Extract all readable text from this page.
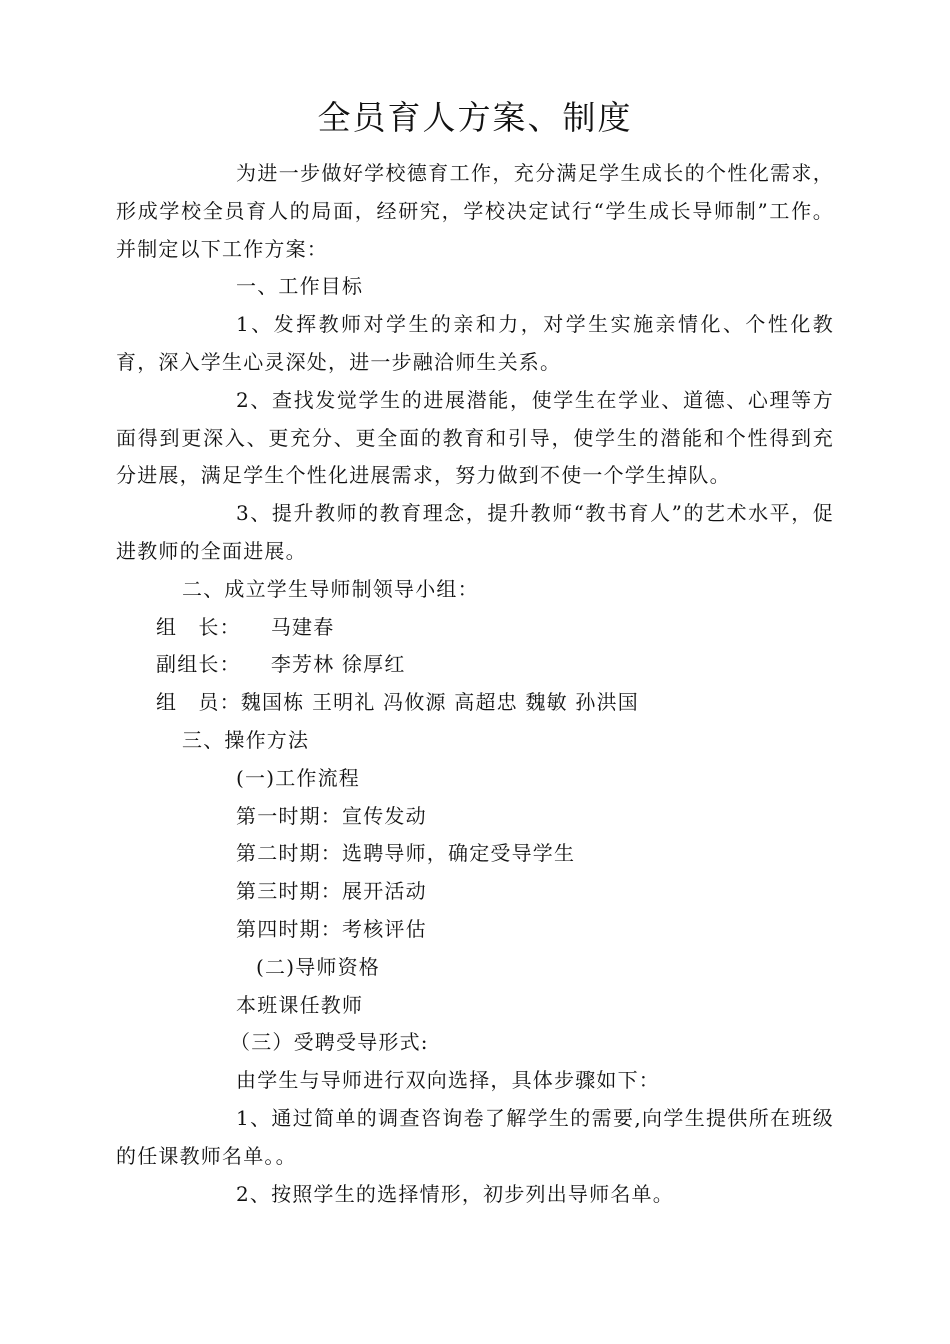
全员育人方案、制度

为进一步做好学校德育工作，充分满足学生成长的个性化需求，形成学校全员育人的局面，经研究，学校决定试行“学生成长导师制”工作。并制定以下工作方案：

一、工作目标

1、发挥教师对学生的亲和力，对学生实施亲情化、个性化教育，深入学生心灵深处，进一步融洽师生关系。

2、查找发觉学生的进展潜能，使学生在学业、道德、心理等方面得到更深入、更充分、更全面的教育和引导，使学生的潜能和个性得到充分进展，满足学生个性化进展需求，努力做到不使一个学生掉队。

3、提升教师的教育理念，提升教师“教书育人”的艺术水平，促进教师的全面进展。

二、成立学生导师制领导小组：

组　长： 马建春

副组长： 李芳林 徐厚红

组　员：魏国栋 王明礼 冯攸源 高超忠 魏敏 孙洪国

三、操作方法

(一)工作流程

第一时期：宣传发动

第二时期：选聘导师，确定受导学生

第三时期：展开活动

第四时期：考核评估

(二)导师资格

本班课任教师

（三）受聘受导形式:

由学生与导师进行双向选择，具体步骤如下：

1、通过简单的调查咨询卷了解学生的需要,向学生提供所在班级的任课教师名单。。

2、按照学生的选择情形，初步列出导师名单。
